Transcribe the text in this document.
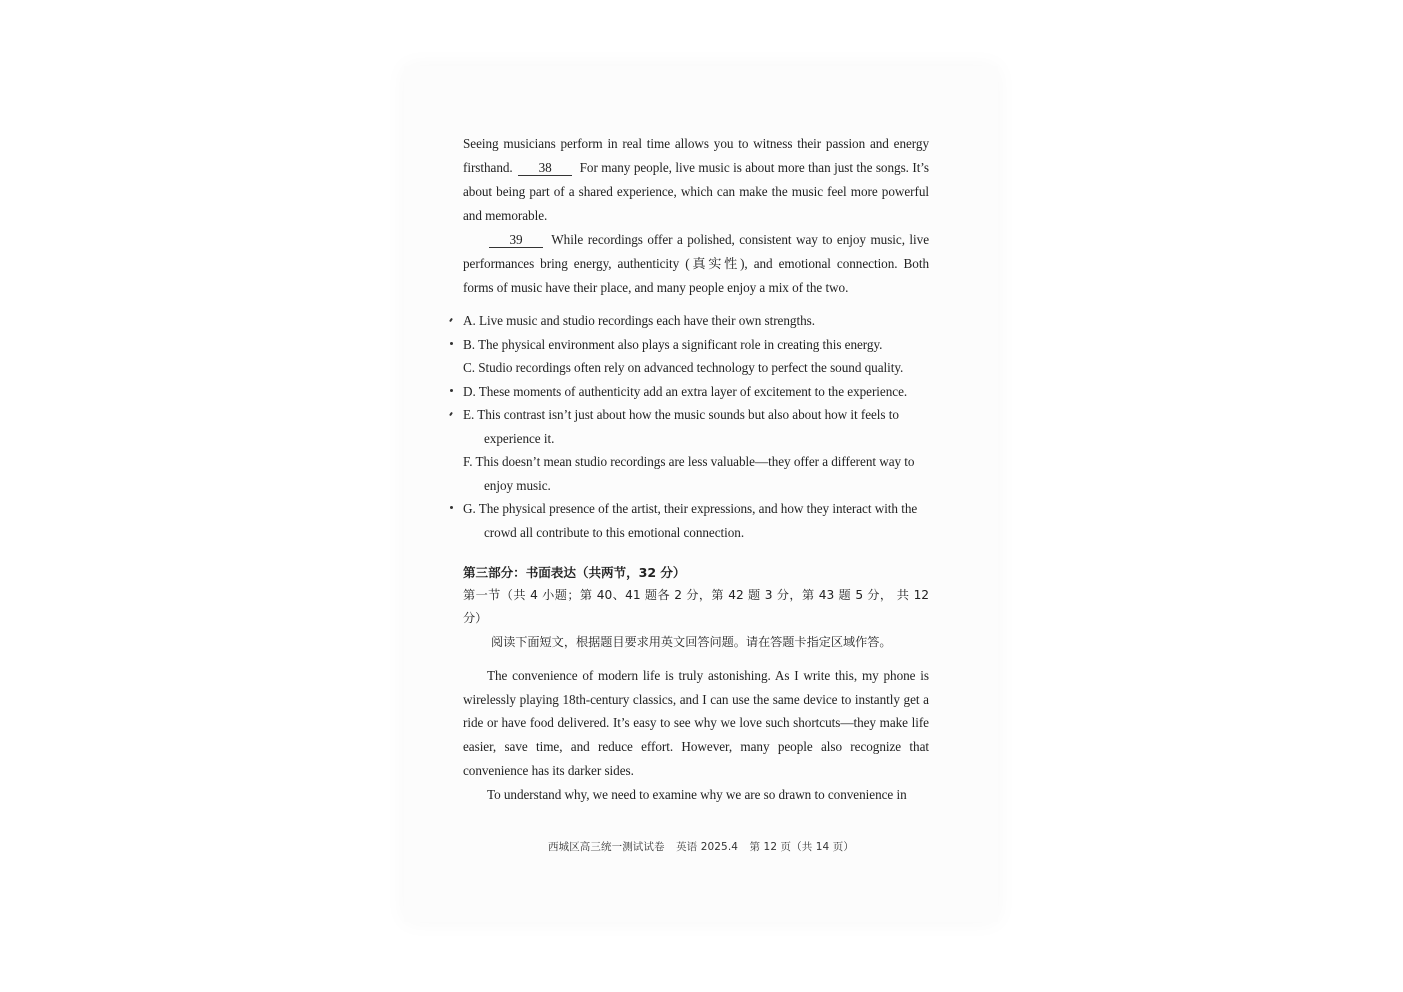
Seeing musicians perform in real time allows you to witness their passion and energy firsthand. 38 For many people, live music is about more than just the songs. It’s about being part of a shared experience, which can make the music feel more powerful and memorable.

39 While recordings offer a polished, consistent way to enjoy music, live performances bring energy, authenticity (真实性), and emotional connection. Both forms of music have their place, and many people enjoy a mix of the two.

A. Live music and studio recordings each have their own strengths.

B. The physical environment also plays a significant role in creating this energy.

C. Studio recordings often rely on advanced technology to perfect the sound quality.

D. These moments of authenticity add an extra layer of excitement to the experience.

E. This contrast isn’t just about how the music sounds but also about how it feels to experience it.

F. This doesn’t mean studio recordings are less valuable—they offer a different way to enjoy music.

G. The physical presence of the artist, their expressions, and how they interact with the crowd all contribute to this emotional connection.

第三部分：书面表达（共两节，32 分）

第一节（共 4 小题；第 40、41 题各 2 分，第 42 题 3 分，第 43 题 5 分， 共 12 分）

阅读下面短文，根据题目要求用英文回答问题。请在答题卡指定区域作答。

The convenience of modern life is truly astonishing. As I write this, my phone is wirelessly playing 18th-century classics, and I can use the same device to instantly get a ride or have food delivered. It’s easy to see why we love such shortcuts—they make life easier, save time, and reduce effort. However, many people also recognize that convenience has its darker sides.

To understand why, we need to examine why we are so drawn to convenience in

西城区高三统一测试试卷 英语 2025.4 第 12 页（共 14 页）
